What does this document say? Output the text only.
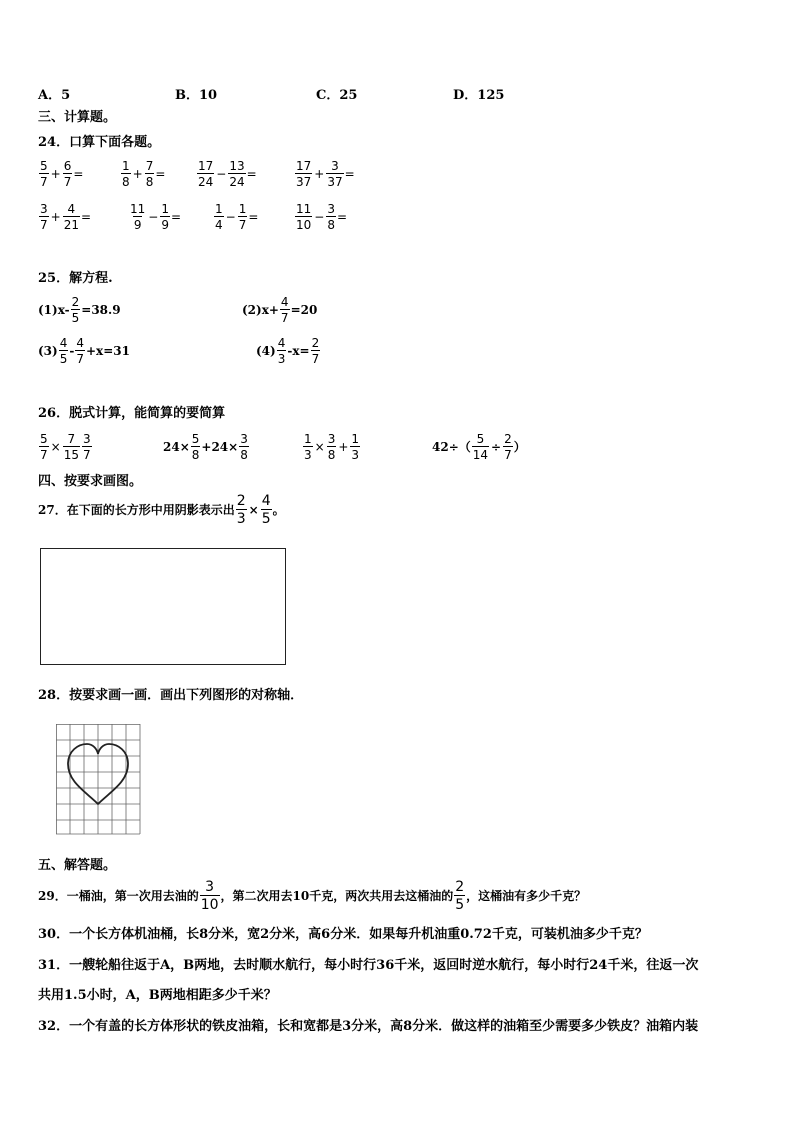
A．5	B．10	C．25	D．125
三、计算题。
24．口算下面各题。
$\frac{5}{7} + \frac{6}{7}$ =	$\frac{1}{8} + \frac{7}{8}$ =	$\frac{17}{24} - \frac{13}{24}$ =	$\frac{17}{37} + \frac{3}{37}$ =
$\frac{3}{7} + \frac{4}{21}$ =	$\frac{11}{9} - \frac{1}{9}$ =	$\frac{1}{4} - \frac{1}{7}$ =	$\frac{11}{10} - \frac{3}{8}$ =
25．解方程.
$(1)x- \frac{2}{5} =38.9$	$(2)x+ \frac{4}{7} =20$
$(3) \frac{4}{5} - \frac{4}{7} +x=31$	$(4) \frac{4}{3} -x= \frac{2}{7}$
26．脱式计算，能简算的要简算
$\frac{5}{7} \times \frac{7}{15} \frac{3}{7}$	$24\times \frac{5}{8} +24\times \frac{3}{8}$	$\frac{1}{3} \times \frac{3}{8} + \frac{1}{3}$	$42\div( \frac{5}{14} \div \frac{2}{7}$ ）
四、按要求画图。
27．在下面的长方形中用阴影表示出 $\frac{2}{3} \times \frac{4}{5}$ 。
28．按要求画一画．画出下列图形的对称轴．
五、解答题。
29．一桶油，第一次用去油的 $\frac{3}{10}$ ，第二次用去10千克，两次共用去这桶油的 $\frac{2}{5}$ ，这桶油有多少千克？
30．一个长方体机油桶，长8分米，宽2分米，高6分米．如果每升机油重0.72千克，可装机油多少千克？
31．一艘轮船往返于A，B两地，去时顺水航行，每小时行36千米，返回时逆水航行，每小时行24千米，往返一次
共用1.5小时，A，B两地相距多少千米？
32．一个有盖的长方体形状的铁皮油箱，长和宽都是3分米，高8分米．做这样的油箱至少需要多少铁皮？油箱内装
